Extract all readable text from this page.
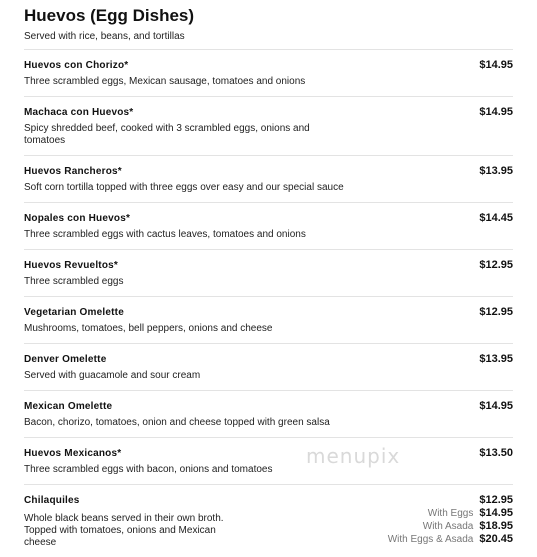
Huevos (Egg Dishes)
Served with rice, beans, and tortillas
Huevos con Chorizo*	$14.95
Three scrambled eggs, Mexican sausage, tomatoes and onions
Machaca con Huevos*	$14.95
Spicy shredded beef, cooked with 3 scrambled eggs, onions and tomatoes
Huevos Rancheros*	$13.95
Soft corn tortilla topped with three eggs over easy and our special sauce
Nopales con Huevos*	$14.45
Three scrambled eggs with cactus leaves, tomatoes and onions
Huevos Revueltos*	$12.95
Three scrambled eggs
Vegetarian Omelette	$12.95
Mushrooms, tomatoes, bell peppers, onions and cheese
Denver Omelette	$13.95
Served with guacamole and sour cream
Mexican Omelette	$14.95
Bacon, chorizo, tomatoes, onion and cheese topped with green salsa
Huevos Mexicanos*	$13.50
Three scrambled eggs with bacon, onions and tomatoes
Chilaquiles	$12.95
Whole black beans served in their own broth. Topped with tomatoes, onions and Mexican cheese
With Eggs $14.95
With Asada $18.95
With Eggs & Asada $20.45
menupix
